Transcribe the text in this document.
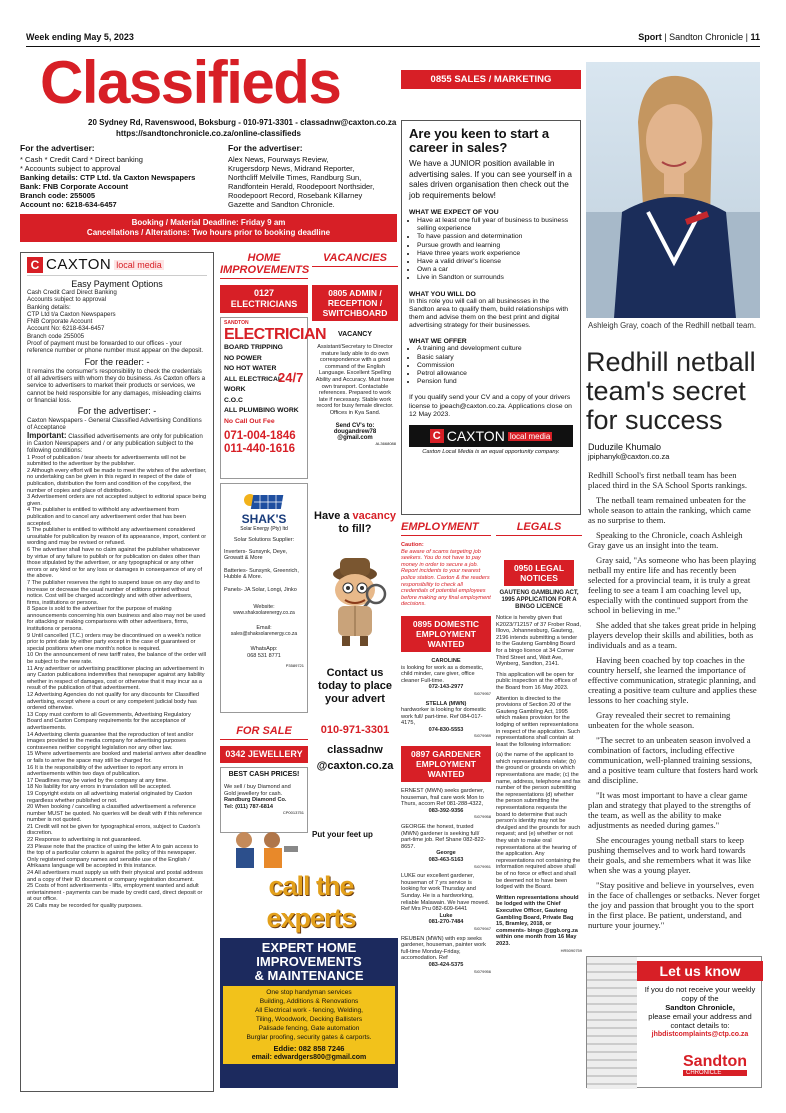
Week ending May 5, 2023	Sport | Sandton Chronicle | 11
Classifieds
20 Sydney Rd, Ravenswood, Boksburg - 010-971-3301 - classadnw@caxton.co.za
https://sandtonchronicle.co.za/online-classifieds
0855 SALES / MARKETING
For the advertiser:
* Cash * Credit Card * Direct banking
* Accounts subject to approval
Banking details: CTP Ltd. t/a Caxton Newspapers
Bank: FNB Corporate Account
Branch code: 255005
Account no: 6218-634-6457
For the advertiser:
Alex News, Fourways Review,
Krugersdorp News, Midrand Reporter,
Northcliff Melville Times, Randburg Sun,
Randfontein Herald, Roodepoort Northsider,
Roodepoort Record, Rosebank Killarney
Gazette and Sandton Chronicle.
Booking / Material Deadline: Friday 9 am
Cancellations / Alterations: Two hours prior to booking deadline
C CAXTON local media
Easy Payment Options
Cash Credit Card Direct Banking
Accounts subject to approval
Banking details:
CTP Ltd t/a Caxton Newspapers
FNB Corporate Account
Account No: 6218-634-6457
Branch code 255005
Proof of payment must be forwarded to our offices - your reference number or phone number must appear on the deposit.
For the reader: -
It remains the consumer's responsibility to check the credentials of all advertisers with whom they do business. As Caxton offers a service to advertisers to market their products or services, we cannot be held responsible for any damages, misleading claims or financial loss.
For the advertiser: -
Caxton Newspapers - General Classified Advertising Conditions of Acceptance
Important: Classified advertisements are only for publication in Caxton Newspapers and / or any publication subject to the following conditions:
1 Proof of publication / tear sheets for advertisements will not be submitted to the advertiser by the publisher.
2 Although every effort will be made to meet the wishes of the advertiser, no undertaking can be given in this regard in respect of the date of publication, distribution the form and condition of the copy/text, the number of copies and place of distribution.
3 Advertisement orders are not accepted subject to editorial space being given.
4 The publisher is entitled to withhold any advertisement from publication and to cancel any advertisement order that has been accepted.
5 The publisher is entitled to withhold any advertisement considered unsuitable for publication by reason of its appearance, import, content or wording and may be revised or refused.
6 The advertiser shall have no claim against the publisher whatsoever by virtue of any failure to publish or for publication on dates other than those stipulated by the advertiser, or any typographical or any other errors or any kind or for any loss or damages in consequence of any of the above.
7 The publisher reserves the right to suspend issue on any day and to increase or decrease the usual number of editions printed without notice. Cost will be charged accordingly and with other advertisers, firms, institutions or persons.
8 Space is sold to the advertiser for the purpose of making announcements concerning his own business and also may not be used for attacking or making comparisons with other advertisers, firms, institutions or persons.
9 Until cancelled (T.C.) orders may be discontinued on a week's notice prior to print date by either party except in the case of guaranteed or special positions when one month's notice is required.
10 On the announcement of new tariff rates, the balance of the order will be subject to the new rate.
11 Any advertiser or advertising practitioner placing an advertisement in any Caxton publications indemnifies that newspaper against any liability whether in respect of damages, cost or otherwise that it may incur as a result of the publication of that advertisement.
12 Advertising Agencies do not qualify for any discounts for Classified advertising, except where a court or any competent judicial body has ordered otherwise.
13 Copy must conform to all Governments, Advertising Regulatory Board and Caxton Company requirements for the acceptance of advertisements.
14 Advertising clients guarantee that the reproduction of text and/or images provided to the media company for advertising purposes contravenes neither copyright legislation nor any other law.
15 Where advertisements are booked and material arrives after deadline or fails to arrive the space may still be charged for.
16 It is the responsibility of the advertiser to report any errors in advertisements within two days of publication.
17 Deadlines may be varied by the company at any time.
18 No liability for any errors in translation will be accepted.
19 Copyright exists on all advertising material originated by Caxton regardless whether published or not.
20 When booking / cancelling a classified advertisement a reference number MUST be quoted. No queries will be dealt with if this reference number is not quoted.
21 Credit will not be given for typographical errors, subject to Caxton's discretion.
22 Response to advertising is not guaranteed.
23 Please note that the practice of using the letter A to gain access to the top of a particular column is against the policy of this newspaper. Only registered company names and sensible use of the English / Afrikaans language will be accepted in this instance.
24 All advertisers must supply us with their physical and postal address and a copy of their ID document or company registration document.
25 Costs of front advertisements - lifts, employment wanted and adult entertainment - payments can be made by credit card, direct deposit or at our office.
26 Calls may be recorded for quality purposes.
HOME IMPROVEMENTS
0127 ELECTRICIANS
SANDTON
ELECTRICIAN
BOARD TRIPPING
NO POWER
NO HOT WATER
ALL ELECTRICAL WORK
C.O.C
ALL PLUMBING WORK
No Call Out Fee
24/7
071-004-1846
011-440-1616
SHAK'S
Solar Energy (Pty) ltd
Solar Solutions Supplier:
Inverters- Sunsynk, Deye, Growatt & More
Batteries- Sunsynk, Greenrich, Hubble & More.
Panels- JA Solar, Longi, Jinko
Website:
www.shaksolarenergy.co.za
Email:
sales@shaksolarenergy.co.za
WhatsApp:
068 531 8771
P3589721
FOR SALE
0342 JEWELLERY
BEST CASH PRICES!
We sell / buy Diamond and Gold jewellery for cash.
Randburg Diamond Co.
Tel: (011) 787-6814
CP0013751
VACANCIES
0805 ADMIN / RECEPTION / SWITCHBOARD
VACANCY
Assistant/Secretary to Director mature lady able to do own correspondence with a good command of the English Language. Excellent Spelling Ability and Accuracy. Must have own transport. Contactable references. Prepared to work late if necessary. Stable work record for busy female director. Offices in Kya Sand.
Send CV's to:
dougandrew78
@gmail.com
AL3668088
Have a vacancy
to fill?
Contact us today to place your advert
010-971-3301
classadnw
@caxton.co.za
Put your feet up
call the experts
EXPERT HOME
IMPROVEMENTS
& MAINTENANCE
One stop handyman services
Building, Additions & Renovations
All Electrical work - fencing, Welding,
Tiling, Woodwork, Decking Ballisters
Palisade fencing, Gate automation
Burglar proofing, security gates & carports.
Eddie: 082 858 7246
email: edwardgers800@gmail.com
Are you keen to start a career in sales?
We have a JUNIOR position available in advertising sales. If you can see yourself in a sales driven organisation then check out the job requirements below!
WHAT WE EXPECT OF YOU
• Have at least one full year of business to business selling experience
• To have passion and determination
• Pursue growth and learning
• Have three years work experience
• Have a valid driver's license
• Own a car
• Live in Sandton or surrounds
WHAT YOU WILL DO
In this role you will call on all businesses in the Sandton area to qualify them, build relationships with them and advise them on the best print and digital advertising strategy for their businesses.
WHAT WE OFFER
• A training and development culture
• Basic salary
• Commission
• Petrol allowance
• Pension fund
If you qualify send your CV and a copy of your drivers license to jpeach@caxton.co.za. Applications close on 12 May 2023.
C CAXTON local media
Caxton Local Media is an equal opportunity company.
EMPLOYMENT
Caution:
Be aware of scams targeting job seekers. You do not have to pay money in order to secure a job. Report incidents to your nearest police station. Caxton & the readers responsibility to check all credentials of potential employees before making any final employment decisions.
0895 DOMESTIC EMPLOYMENT WANTED
CAROLINE
is looking for work as a domestic, child minder, care giver, office cleaner Full-time.
072-143-2977
SI079957
STELLA (MWN)
hardworker is looking for domestic work full/ part-time. Ref 084-017-4175,
074-830-5553
SI079989
0897 GARDENER EMPLOYMENT WANTED
ERNEST (MWN) seeks gardener, houseman, frail care work Mon to Thurs, accom Ref 081-288-4322,
083-392-9356
SI079958
GEORGE the honest, trusted (MWN) gardener is seeking full/ part-time job. Ref Shane 082-822-8657.
George
083-463-5163
SI079951
LUKE our excellent gardener, houseman of 7 yrs service is looking for work Thursday and Sunday. He is a hardworking, reliable Malawain. We have moved. Ref Mrs Pru 082-609-6441
Luke
081-270-7484
SI079947
REUBEN (MWN) with exp seeks gardener, houseman, painter work full-time Monday-Friday, accomodation. Ref
083-424-5375
SI079956
LEGALS
0950 LEGAL NOTICES
GAUTENG GAMBLING ACT, 1995 APPLICATION FOR A BINGO LICENCE

Notice is hereby given that K2023/712157 of 37 Frober Road, Illovo, Johannesburg, Gauteng, 2196 intends submitting a tender to the Gauteng Gambling Board for a bingo licence at 34 Corner Third Street and, Watt Ave, Wynberg, Sandton, 2141.

This application will be open for public inspection at the offices of the Board from 16 May 2023.

Attention is directed to the provisions of Section 20 of the Gauteng Gambling Act, 1995 which makes provision for the lodging of written representations in respect of the application. Such representations shall contain at least the following information:

(a) the name of the applicant to which representations relate; (b) the ground or grounds on which representations are made; (c) the name, address, telephone and fax number of the person submitting the representations (d) whether the person submitting the representations requests the board to determine that such person's identity may not be divulged and the grounds for such request; and (e) whether or not they wish to make oral representations at the hearing of the application. Any representations not containing the information required above shall be of no force or effect and shall be deemed not to have been lodged with the Board.

Written representations should be lodged with the Chief Executive Officer, Gauteng Gambling Board, Private Bag 15, Bramley, 2018, or comments- bingo @ggb.org.za within one month from 16 May 2023.

HR5090759
Ashleigh Gray, coach of the Redhill netball team.
Redhill netball team's secret for success
Duduzile Khumalo
jpiphanyk@caxton.co.za

Redhill School's first netball team has been placed third in the SA School Sports rankings.

The netball team remained unbeaten for the whole season to attain the ranking, which came as no surprise to them.

Speaking to the Chronicle, coach Ashleigh Gray gave us an insight into the team.

Gray said, "As someone who has been playing netball my entire life and has recently been selected for a provincial team, it is truly a great feeling to see a team I am coaching level up, especially with the continued support from the school in believing in me."

She added that she takes great pride in helping players develop their skills and abilities, both as individuals and as a team.

Having been coached by top coaches in the country herself, she learned the importance of effective communication, strategic planning, and creating a positive team culture and applies these lessons to her coaching style.

Gray revealed their secret to remaining unbeaten for the whole season.

"The secret to an unbeaten season involved a combination of factors, including effective communication, well-planned training sessions, and a positive team culture that fosters hard work and discipline.

"It was most important to have a clear game plan and strategy that played to the strengths of the team, as well as the ability to make adjustments as needed during games."

She encourages young netball stars to keep pushing themselves and to work hard towards their goals, and she remembers what it was like when she was a young player.

"Stay positive and believe in yourselves, even in the face of challenges or setbacks. Never forget the joy and passion that brought you to the sport in the first place. Be patient, understand, and nurture your journey."

Let us know
If you do not receive your weekly copy of the
Sandton Chronicle,
please email your address and contact details to:
jhbdistcomplaints@ctp.co.za
Sandton
CHRONICLE
